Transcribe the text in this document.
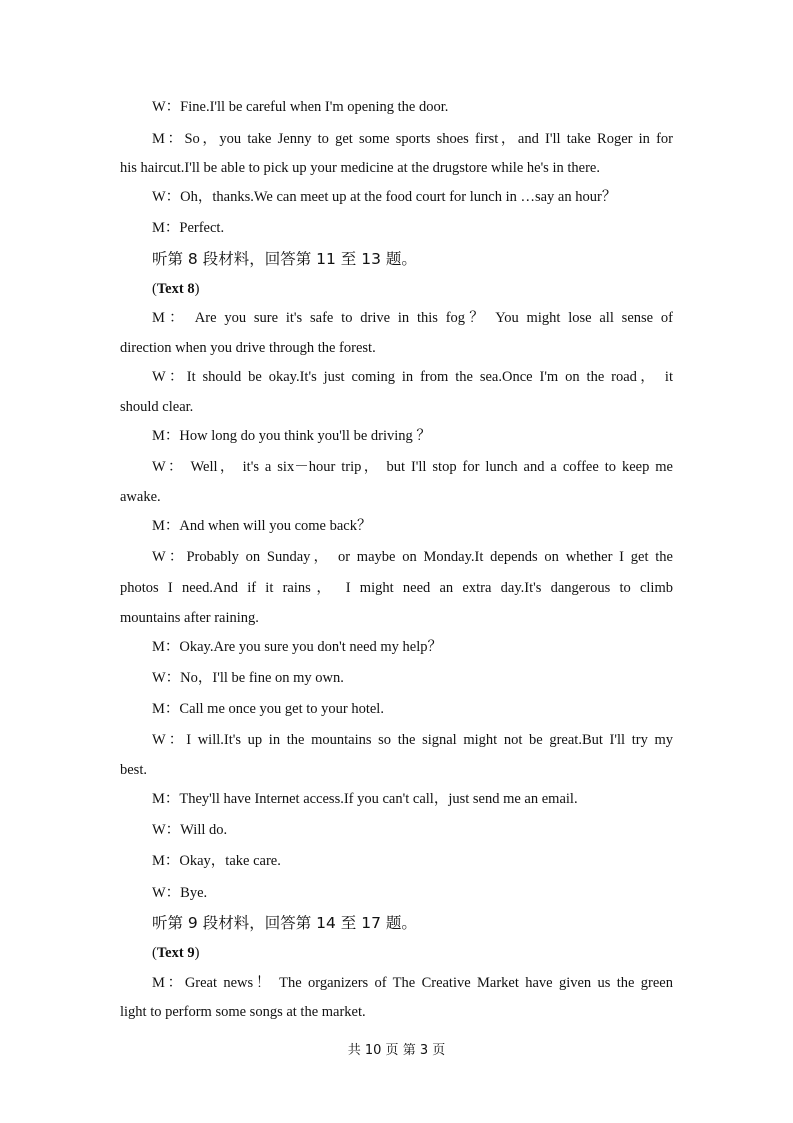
W：Fine.I'll be careful when I'm opening the door.
M：So，you take Jenny to get some sports shoes first，and I'll take Roger in for
his haircut.I'll be able to pick up your medicine at the drugstore while he's in there.
W：Oh，thanks.We can meet up at the food court for lunch in …say an hour？
M：Perfect.
听第 8 段材料，回答第 11 至 13 题。
(Text 8)
M： Are you sure it's safe to drive in this fog？ You might lose all sense of
direction when you drive through the forest.
W：It should be okay.It's just coming in from the sea.Once I'm on the road， it
should clear.
M：How long do you think you'll be driving ？
W： Well， it's a six－hour trip， but I'll stop for lunch and a coffee to keep me
awake.
M：And when will you come back？
W：Probably on Sunday， or maybe on Monday.It depends on whether I get the
photos I need.And if it rains， I might need an extra day.It's dangerous to climb
mountains after raining.
M：Okay.Are you sure you don't need my help？
W：No，I'll be fine on my own.
M：Call me once you get to your hotel.
W：I will.It's up in the mountains so the signal might not be great.But I'll try my
best.
M：They'll have Internet access.If you can't call，just send me an email.
W：Will do.
M：Okay，take care.
W：Bye.
听第 9 段材料，回答第 14 至 17 题。
(Text 9)
M：Great news！ The organizers of The Creative Market have given us the green
light to perform some songs at the market.
共 10 页 第 3 页
